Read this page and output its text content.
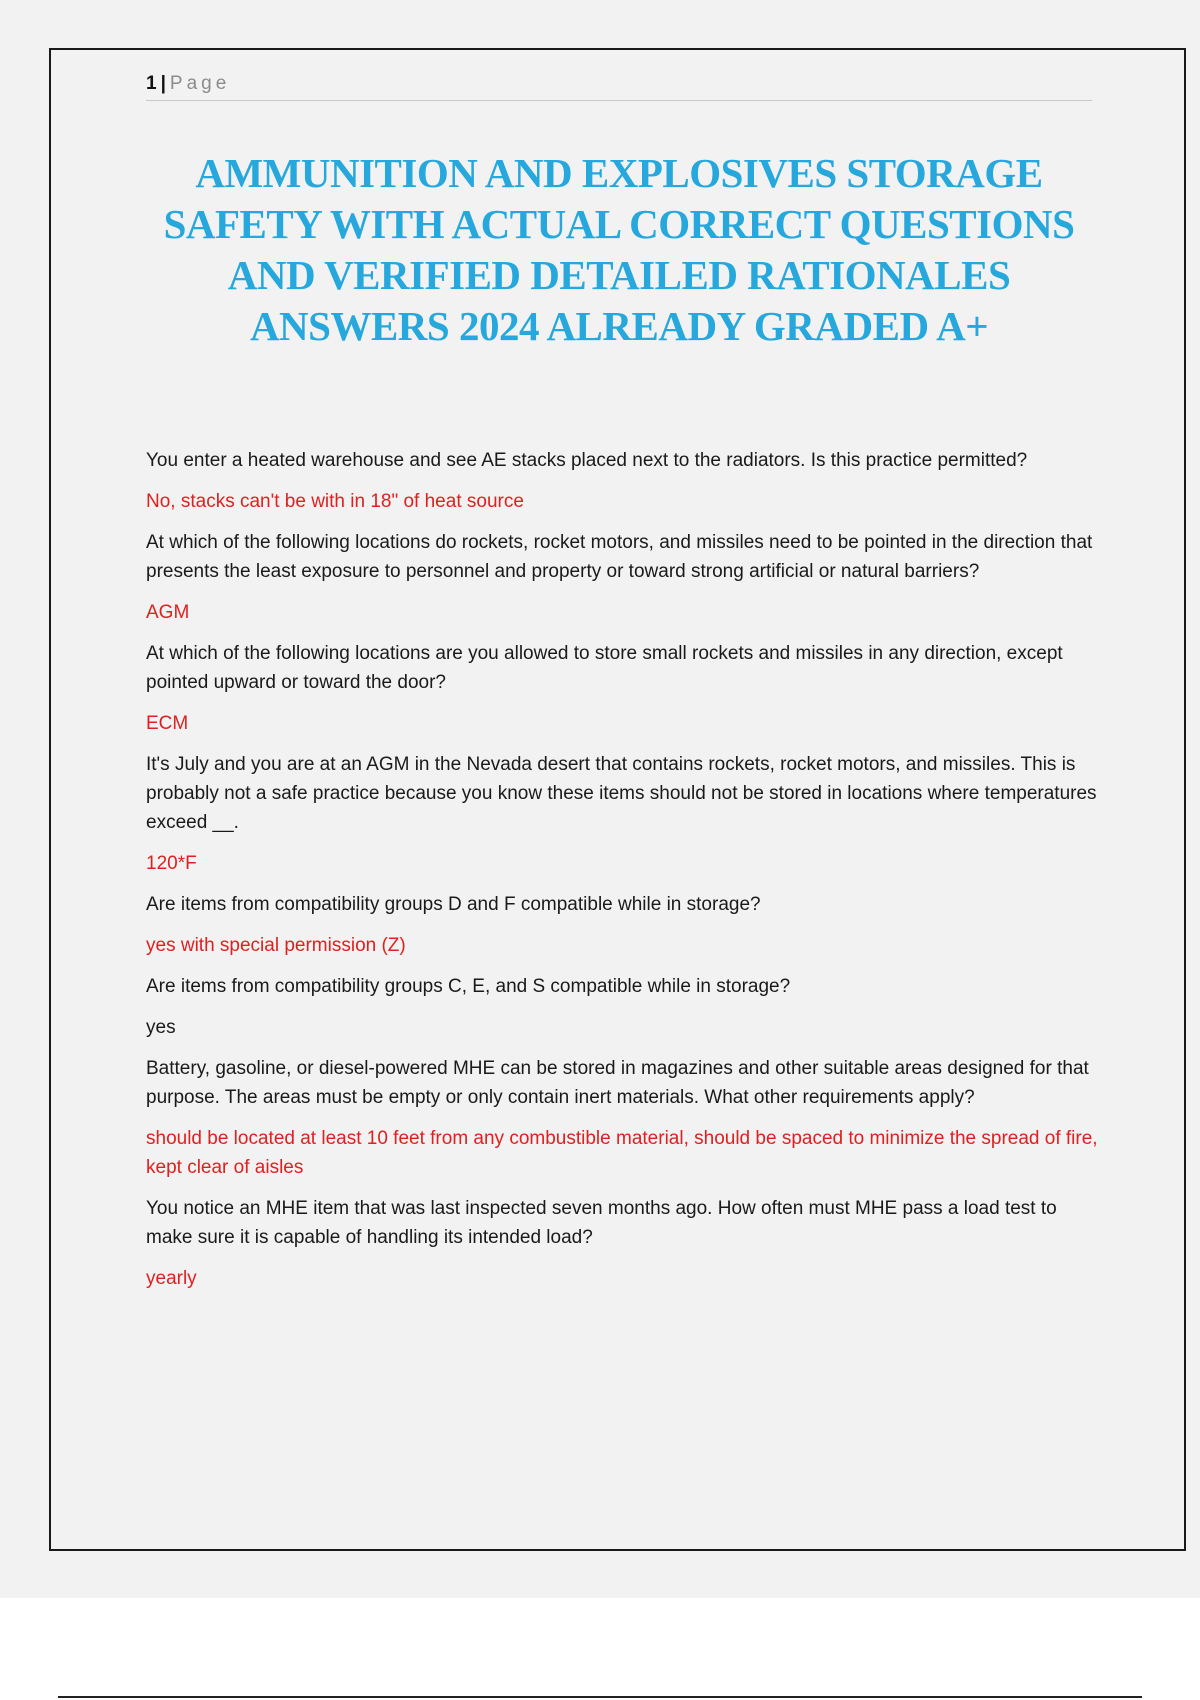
1 | Page
AMMUNITION AND EXPLOSIVES STORAGE SAFETY WITH ACTUAL CORRECT QUESTIONS AND VERIFIED DETAILED RATIONALES ANSWERS 2024 ALREADY GRADED A+

You enter a heated warehouse and see AE stacks placed next to the radiators. Is this practice permitted?

No, stacks can't be with in 18" of heat source

At which of the following locations do rockets, rocket motors, and missiles need to be pointed in the direction that presents the least exposure to personnel and property or toward strong artificial or natural barriers?

AGM

At which of the following locations are you allowed to store small rockets and missiles in any direction, except pointed upward or toward the door?

ECM

It's July and you are at an AGM in the Nevada desert that contains rockets, rocket motors, and missiles. This is probably not a safe practice because you know these items should not be stored in locations where temperatures exceed __.

120*F

Are items from compatibility groups D and F compatible while in storage?

yes with special permission (Z)

Are items from compatibility groups C, E, and S compatible while in storage?

yes

Battery, gasoline, or diesel-powered MHE can be stored in magazines and other suitable areas designed for that purpose. The areas must be empty or only contain inert materials. What other requirements apply?

should be located at least 10 feet from any combustible material, should be spaced to minimize the spread of fire, kept clear of aisles

You notice an MHE item that was last inspected seven months ago. How often must MHE pass a load test to make sure it is capable of handling its intended load?

yearly
